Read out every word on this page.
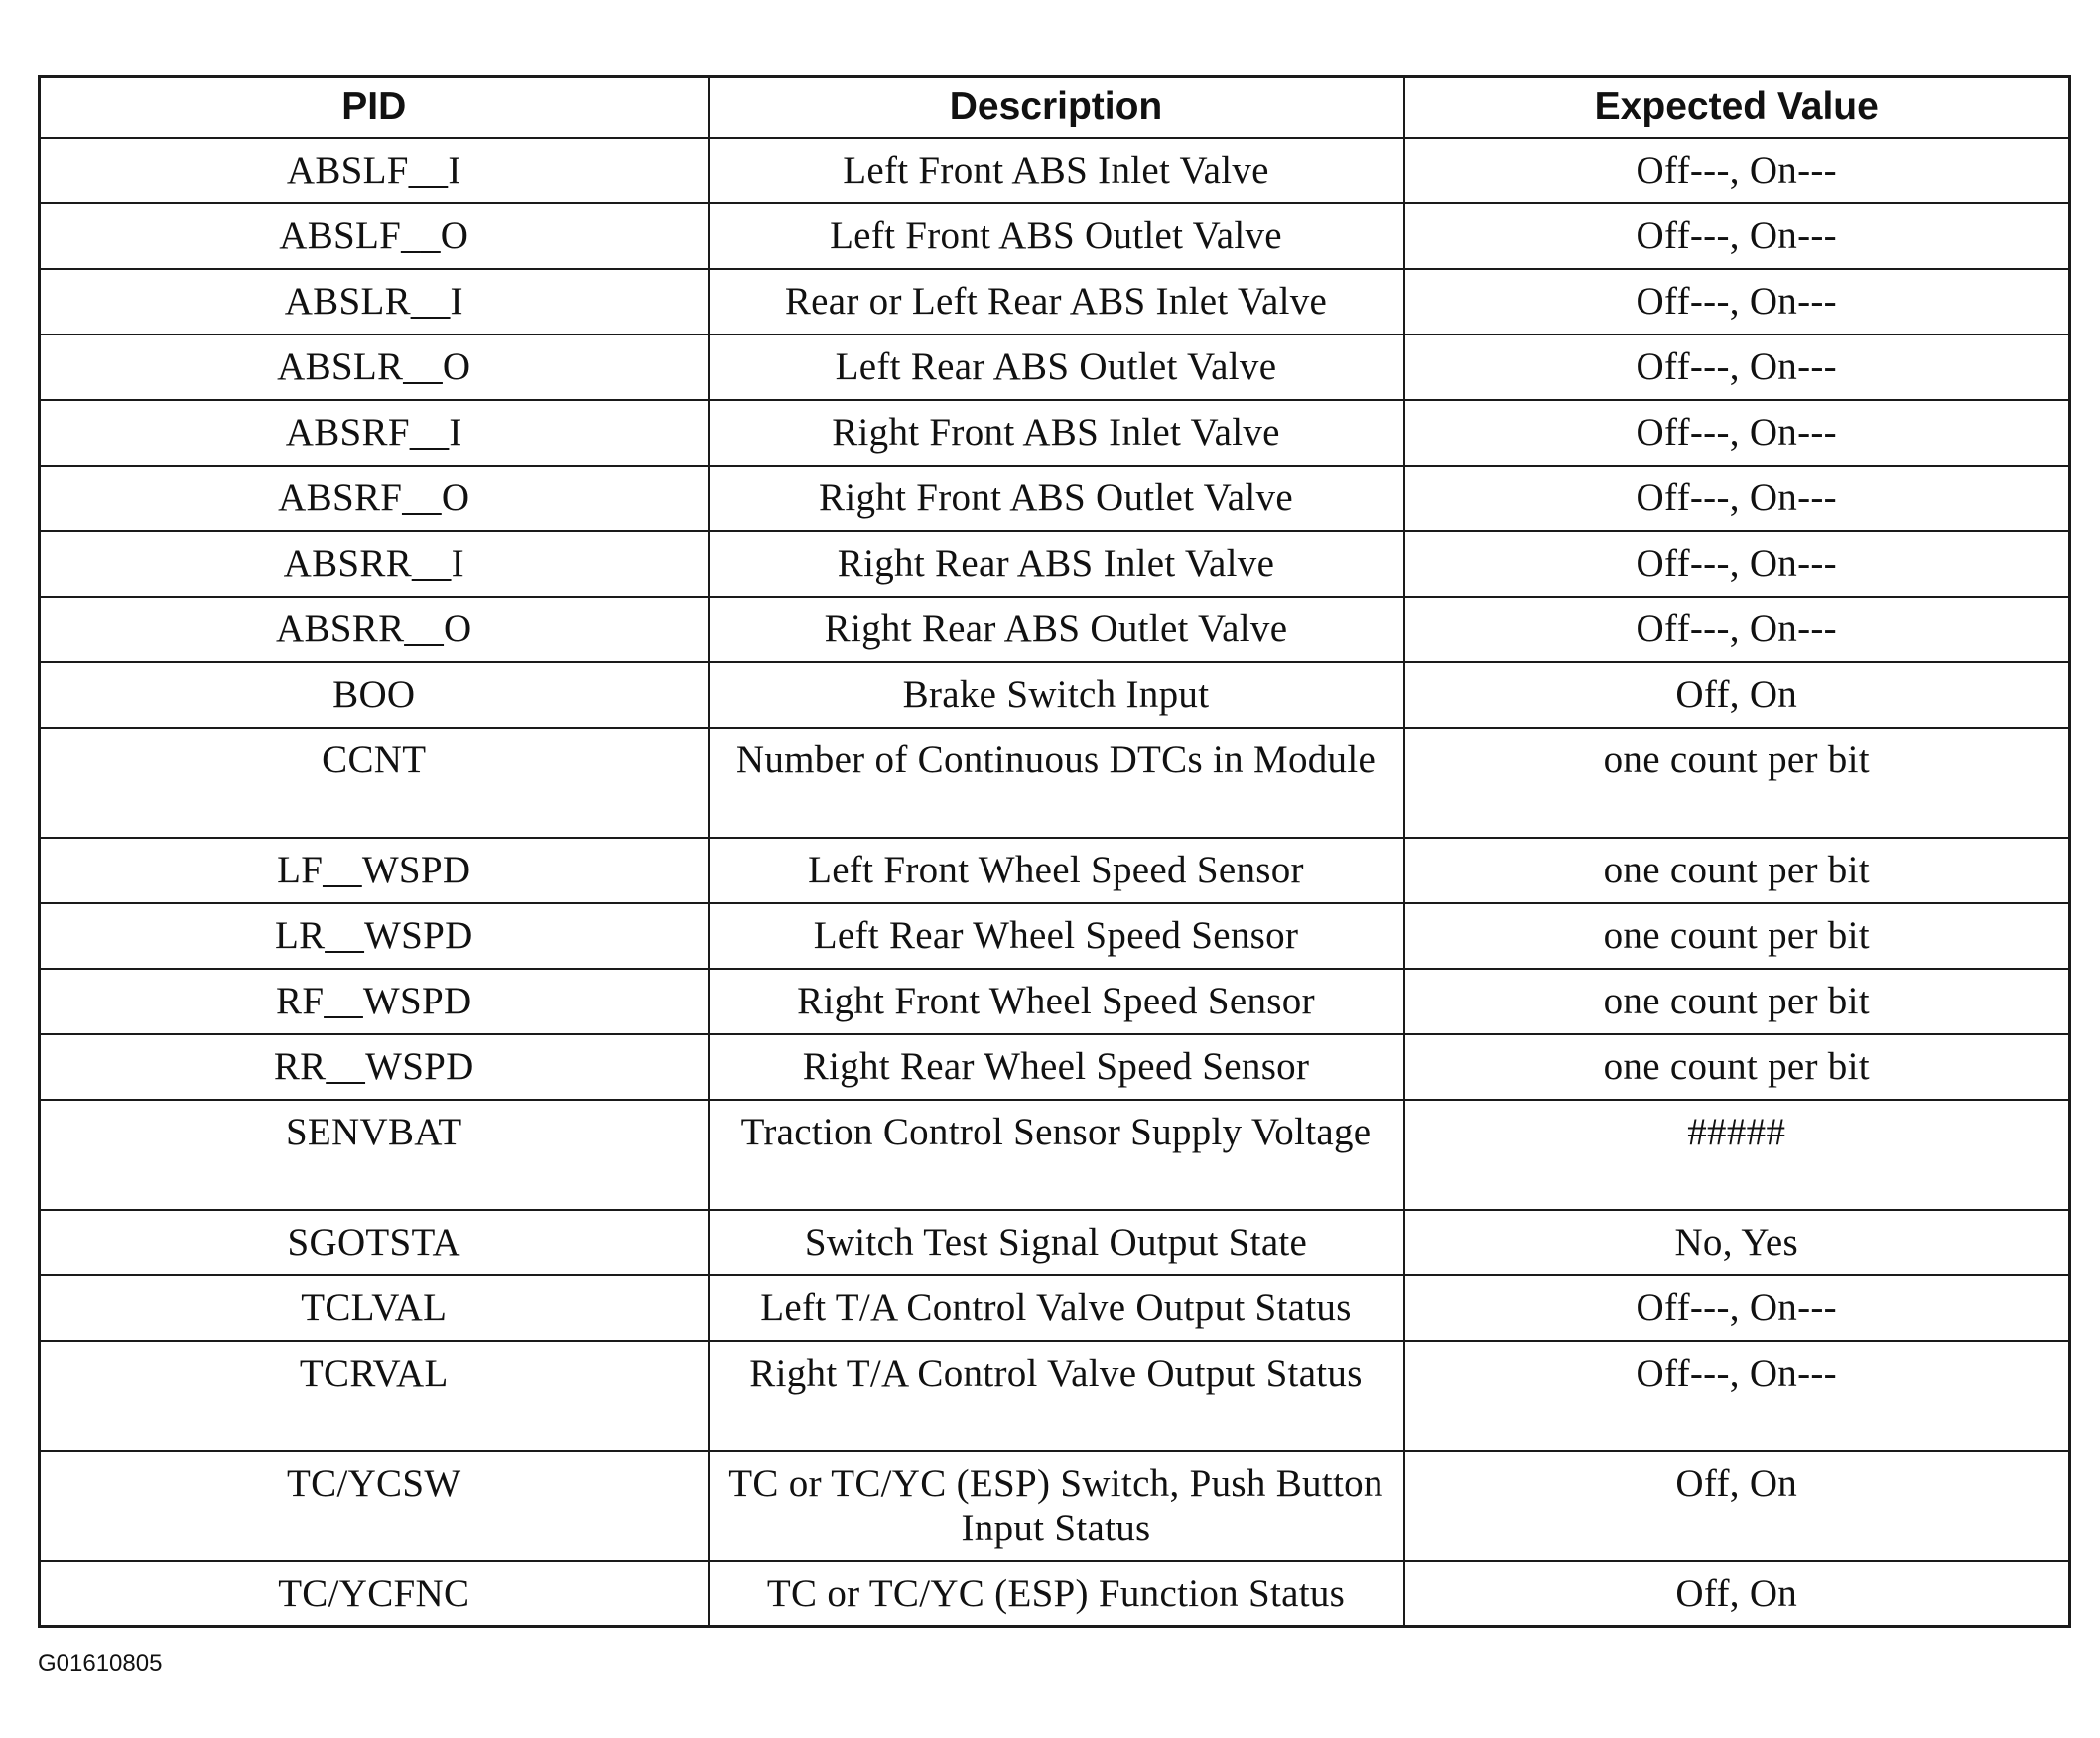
PID	Description	Expected Value
ABSLF__I	Left Front ABS Inlet Valve	Off---, On---
ABSLF__O	Left Front ABS Outlet Valve	Off---, On---
ABSLR__I	Rear or Left Rear ABS Inlet Valve	Off---, On---
ABSLR__O	Left Rear ABS Outlet Valve	Off---, On---
ABSRF__I	Right Front ABS Inlet Valve	Off---, On---
ABSRF__O	Right Front ABS Outlet Valve	Off---, On---
ABSRR__I	Right Rear ABS Inlet Valve	Off---, On---
ABSRR__O	Right Rear ABS Outlet Valve	Off---, On---
BOO	Brake Switch Input	Off, On
CCNT	Number of Continuous DTCs in Module	one count per bit
LF__WSPD	Left Front Wheel Speed Sensor	one count per bit
LR__WSPD	Left Rear Wheel Speed Sensor	one count per bit
RF__WSPD	Right Front Wheel Speed Sensor	one count per bit
RR__WSPD	Right Rear Wheel Speed Sensor	one count per bit
SENVBAT	Traction Control Sensor Supply Voltage	#####
SGOTSTA	Switch Test Signal Output State	No, Yes
TCLVAL	Left T/A Control Valve Output Status	Off---, On---
TCRVAL	Right T/A Control Valve Output Status	Off---, On---
TC/YCSW	TC or TC/YC (ESP) Switch, Push Button Input Status	Off, On
TC/YCFNC	TC or TC/YC (ESP) Function Status	Off, On
G01610805
